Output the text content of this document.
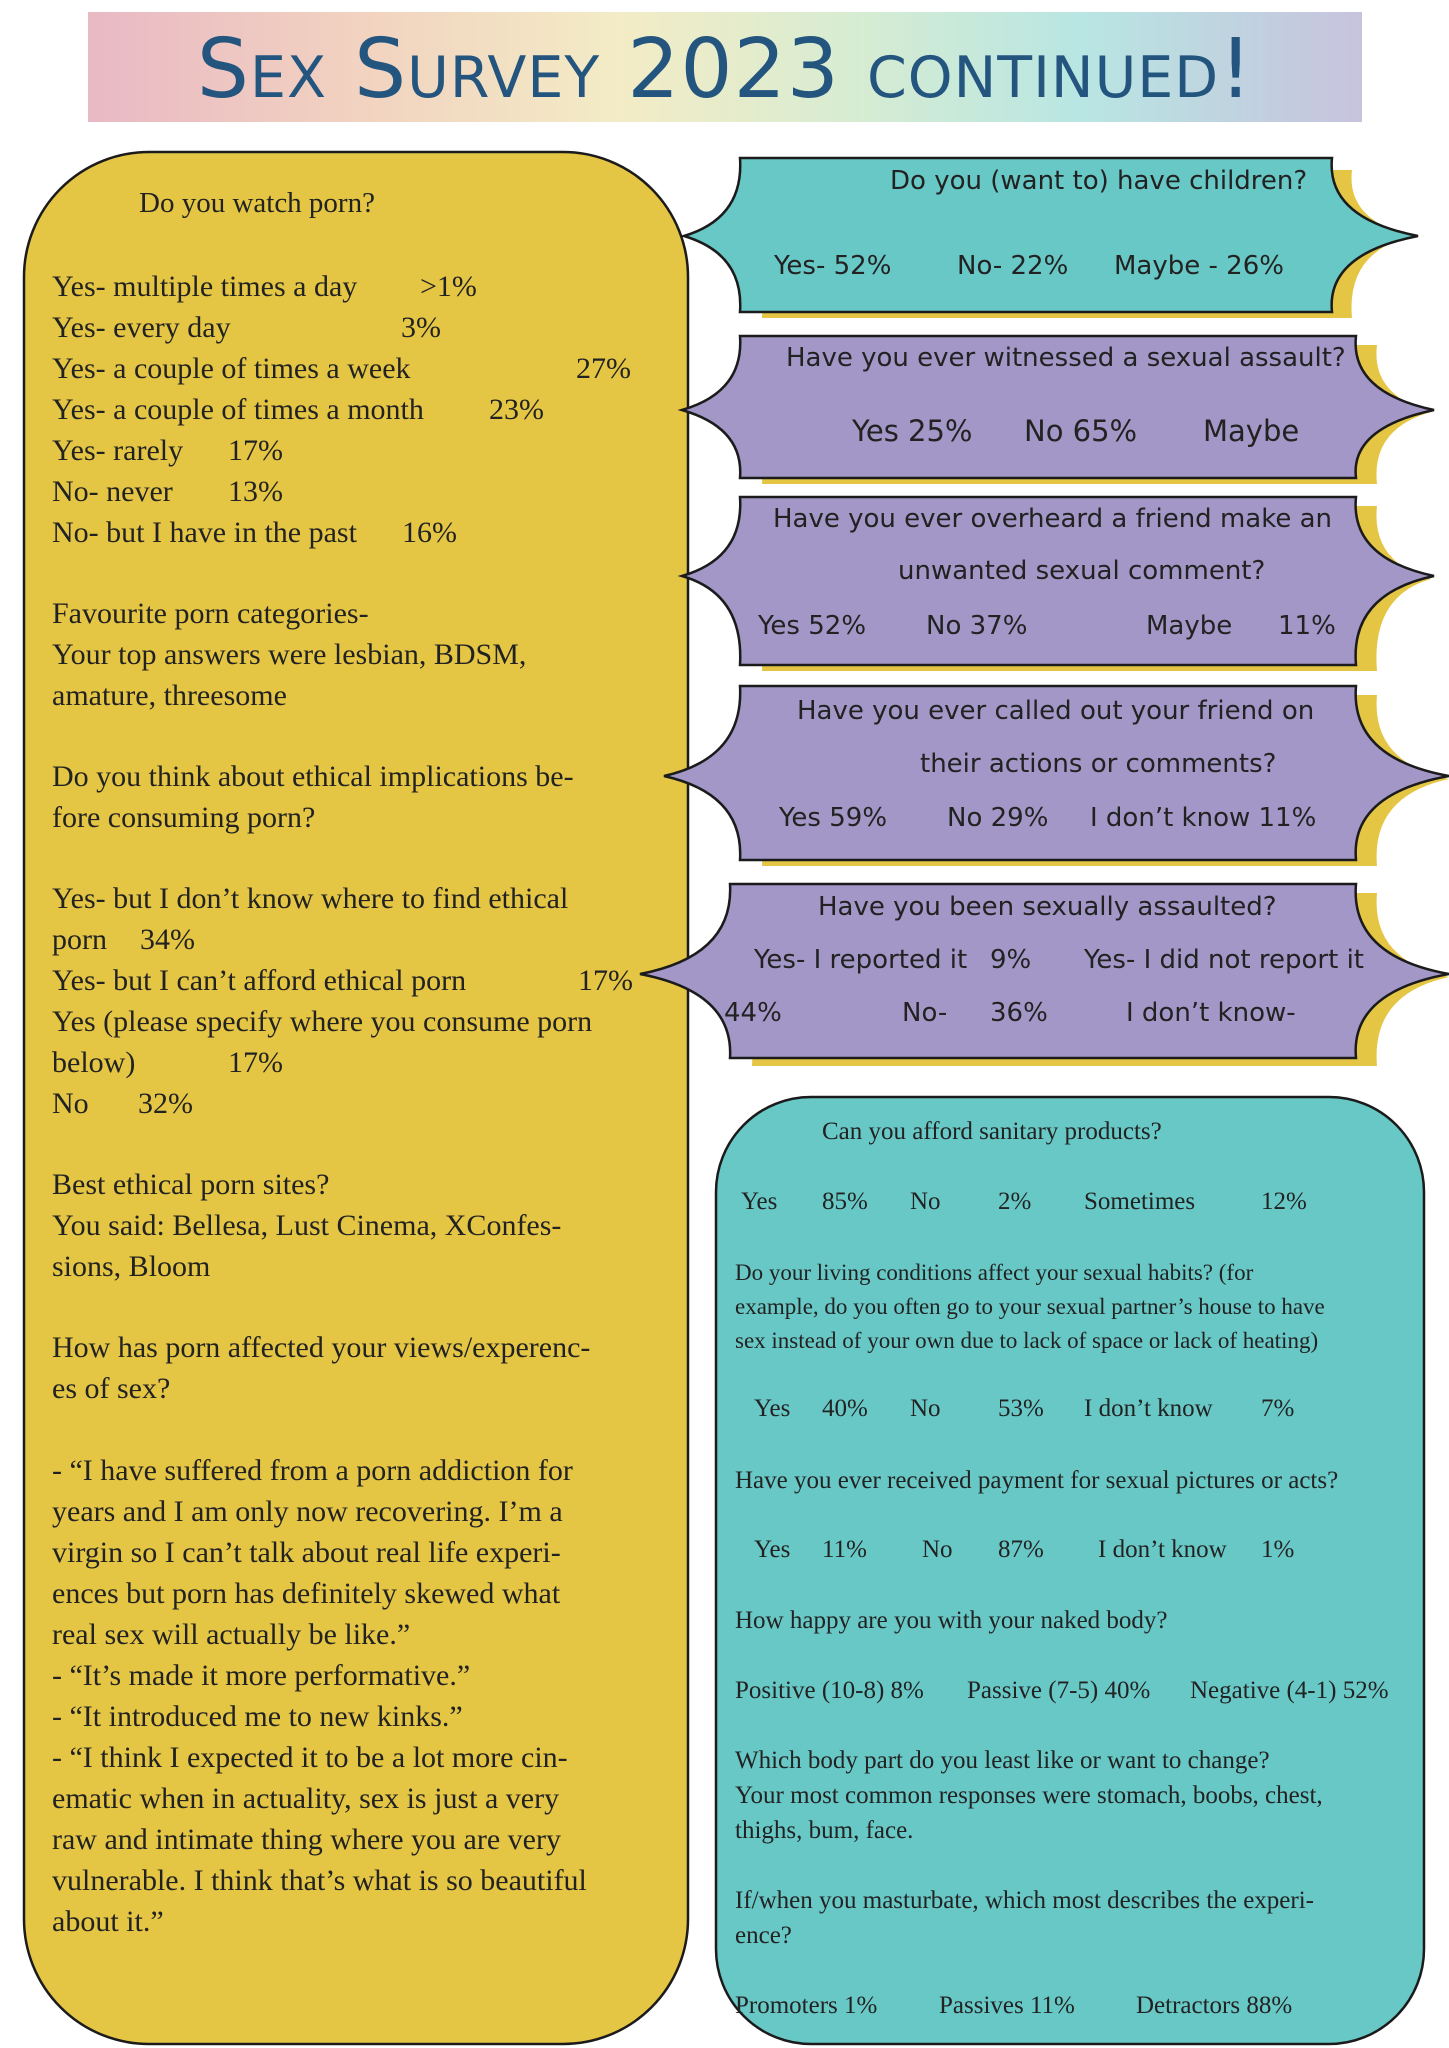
Sex Survey 2023 continued!
Do you watch porn?
Yes- multiple times a day >1%
Yes- every day	3%
Yes- a couple of times a week	27%
Yes- a couple of times a month 23%
Yes- rarely 17%
No- never 13%
No- but I have in the past 16%
Favourite porn categories-
Your top answers were lesbian, BDSM,
amature, threesome
Do you think about ethical implications be-
fore consuming porn?
Yes- but I don’t know where to find ethical
porn 34%
Yes- but I can’t afford ethical porn	17%
Yes (please specify where you consume porn
below)	17%
No 32%
Best ethical porn sites?
You said: Bellesa, Lust Cinema, XConfes-
sions, Bloom
How has porn affected your views/experenc-
es of sex?
- “I have suffered from a porn addiction for
years and I am only now recovering. I’m a
virgin so I can’t talk about real life experi-
ences but porn has definitely skewed what
real sex will actually be like.”
- “It’s made it more performative.”
- “It introduced me to new kinks.”
- “I think I expected it to be a lot more cin-
ematic when in actuality, sex is just a very
raw and intimate thing where you are very
vulnerable. I think that’s what is so beautiful
about it.”
Do you (want to) have children?
Yes- 52%	No- 22% Maybe - 26%
Have you ever witnessed a sexual assault?
Yes 25% No 65% Maybe
Have you ever overheard a friend make an
unwanted sexual comment?
Yes 52% No 37%	Maybe 11%
Have you ever called out your friend on
their actions or comments?
Yes 59% No 29% I don’t know 11%
Have you been sexually assaulted?
Yes- I reported it 9% Yes- I did not report it
44%	No- 36%	I don’t know-
Can you afford sanitary products?
Yes 85% No 2% Sometimes	12%
Do your living conditions affect your sexual habits? (for
example, do you often go to your sexual partner’s house to have
sex instead of your own due to lack of space or lack of heating)
Yes 40% No 53% I don’t know 7%
Have you ever received payment for sexual pictures or acts?
Yes 11% No 87% I don’t know 1%
How happy are you with your naked body?
Positive (10-8) 8% Passive (7-5) 40% Negative (4-1) 52%
Which body part do you least like or want to change?
Your most common responses were stomach, boobs, chest,
thighs, bum, face.
If/when you masturbate, which most describes the experi-
ence?
Promoters 1% Passives 11% Detractors 88%
